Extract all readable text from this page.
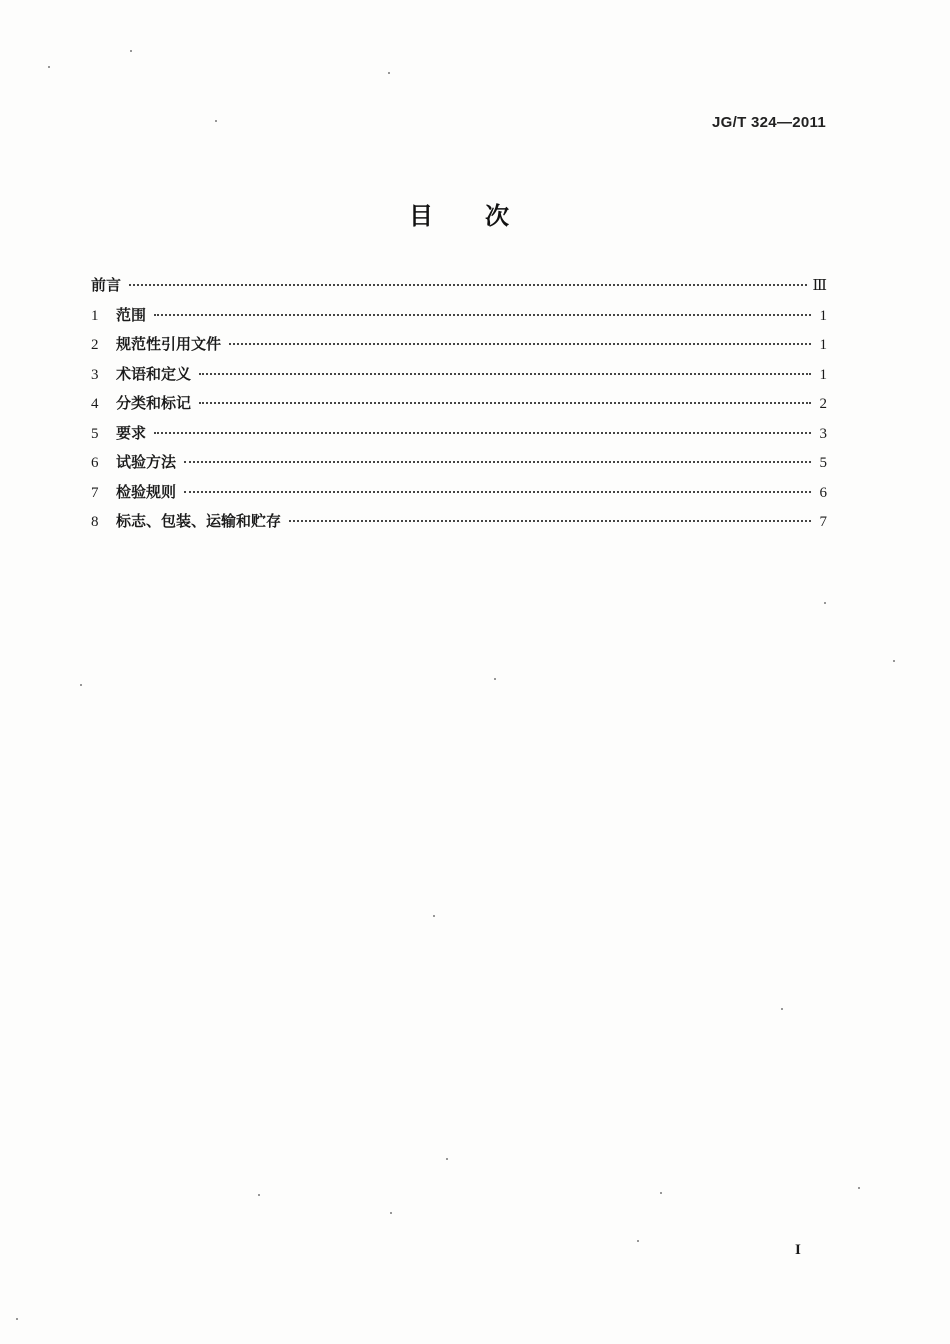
JG/T 324—2011
目 次
前言	Ⅲ
1	范围	1
2	规范性引用文件	1
3	术语和定义	1
4	分类和标记	2
5	要求	3
6	试验方法	5
7	检验规则	6
8	标志、包装、运输和贮存	7
I
